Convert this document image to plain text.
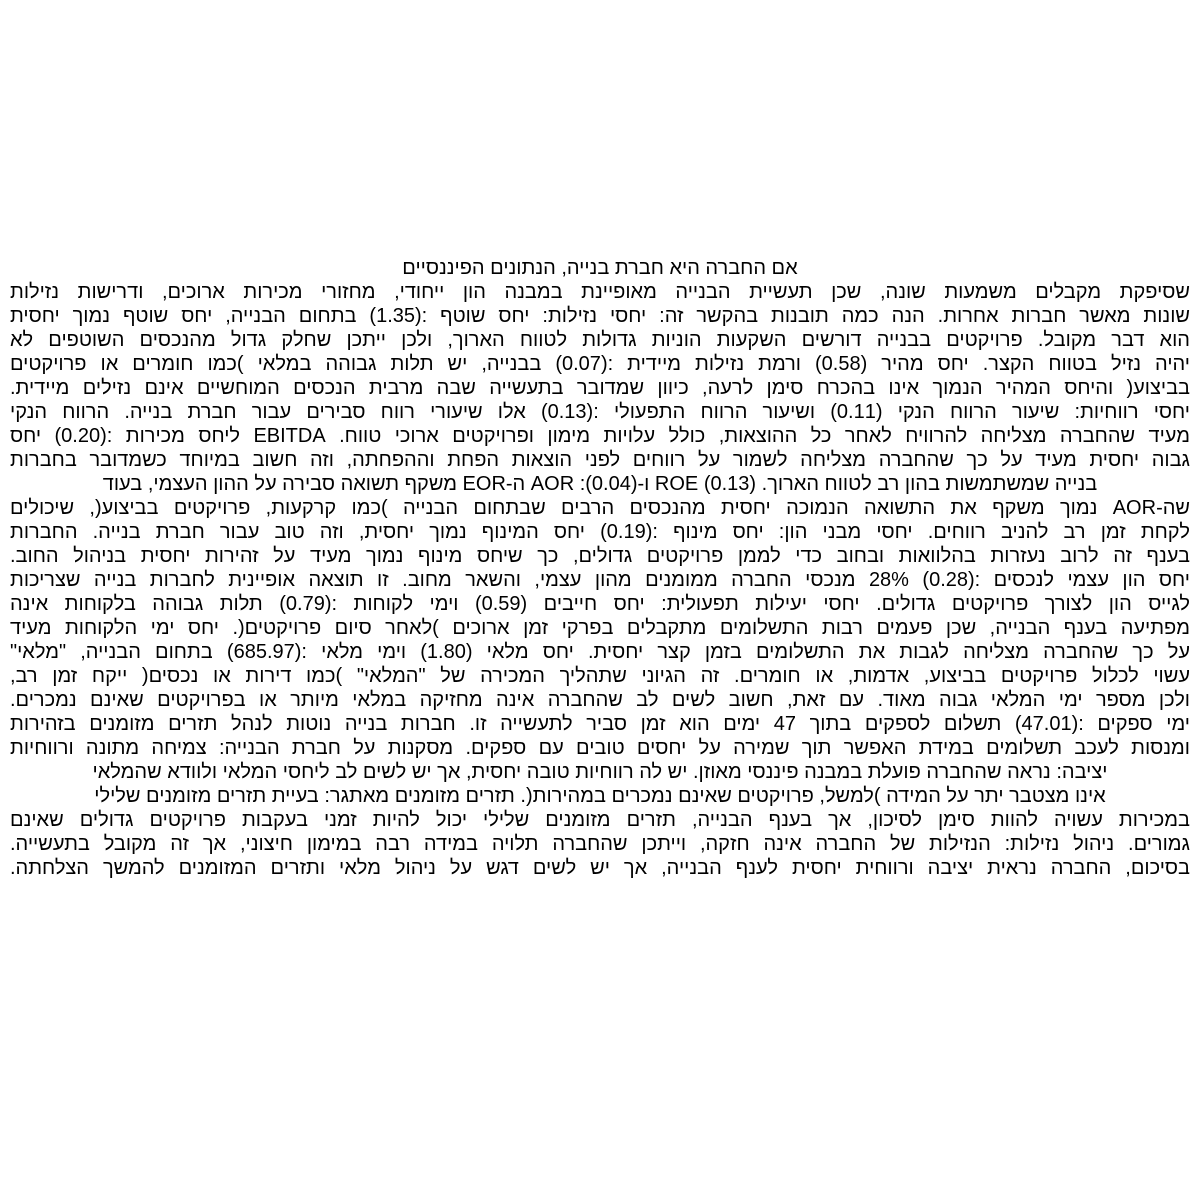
אם החברה היא חברת בנייה, הנתונים הפיננסיים
שסיפקת מקבלים משמעות שונה, שכן תעשיית הבנייה מאופיינת במבנה הון ייחודי, מחזורי מכירות ארוכים, ודרישות נזילות
שונות מאשר חברות אחרות. הנה כמה תובנות בהקשר זה: יחסי נזילות: יחס שוטף :(1.35) בתחום הבנייה, יחס שוטף נמוך יחסית
הוא דבר מקובל. פרויקטים בבנייה דורשים השקעות הוניות גדולות לטווח הארוך, ולכן ייתכן שחלק גדול מהנכסים השוטפים לא
יהיה נזיל בטווח הקצר. יחס מהיר (0.58) ורמת נזילות מיידית :(0.07) בבנייה, יש תלות גבוהה במלאי )כמו חומרים או פרויקטים
בביצוע( והיחס המהיר הנמוך אינו בהכרח סימן לרעה, כיוון שמדובר בתעשייה שבה מרבית הנכסים המוחשיים אינם נזילים מיידית.
יחסי רווחיות: שיעור הרווח הנקי (0.11) ושיעור הרווח התפעולי :(0.13) אלו שיעורי רווח סבירים עבור חברת בנייה. הרווח הנקי
מעיד שהחברה מצליחה להרוויח לאחר כל ההוצאות, כולל עלויות מימון ופרויקטים ארוכי טווח. EBITDA ליחס מכירות :(0.20) יחס
גבוה יחסית מעיד על כך שהחברה מצליחה לשמור על רווחים לפני הוצאות הפחת וההפחתה, וזה חשוב במיוחד כשמדובר בחברות
בנייה שמשתמשות בהון רב לטווח הארוך. ROE (0.13) ו-AOR :(0.04) ה-EOR משקף תשואה סבירה על ההון העצמי, בעוד
שה-AOR נמוך משקף את התשואה הנמוכה יחסית מהנכסים הרבים שבתחום הבנייה )כמו קרקעות, פרויקטים בביצוע(, שיכולים
לקחת זמן רב להניב רווחים. יחסי מבני הון: יחס מינוף :(0.19) יחס המינוף נמוך יחסית, וזה טוב עבור חברת בנייה. החברות
בענף זה לרוב נעזרות בהלוואות ובחוב כדי לממן פרויקטים גדולים, כך שיחס מינוף נמוך מעיד על זהירות יחסית בניהול החוב.
יחס הון עצמי לנכסים :(0.28) 28% מנכסי החברה ממומנים מהון עצמי, והשאר מחוב. זו תוצאה אופיינית לחברות בנייה שצריכות
לגייס הון לצורך פרויקטים גדולים. יחסי יעילות תפעולית: יחס חייבים (0.59) וימי לקוחות :(0.79) תלות גבוהה בלקוחות אינה
מפתיעה בענף הבנייה, שכן פעמים רבות התשלומים מתקבלים בפרקי זמן ארוכים )לאחר סיום פרויקטים(. יחס ימי הלקוחות מעיד
על כך שהחברה מצליחה לגבות את התשלומים בזמן קצר יחסית. יחס מלאי (1.80) וימי מלאי :(685.97) בתחום הבנייה, "מלאי"
עשוי לכלול פרויקטים בביצוע, אדמות, או חומרים. זה הגיוני שתהליך המכירה של "המלאי" )כמו דירות או נכסים( ייקח זמן רב,
ולכן מספר ימי המלאי גבוה מאוד. עם זאת, חשוב לשים לב שהחברה אינה מחזיקה במלאי מיותר או בפרויקטים שאינם נמכרים.
ימי ספקים :(47.01) תשלום לספקים בתוך 47 ימים הוא זמן סביר לתעשייה זו. חברות בנייה נוטות לנהל תזרים מזומנים בזהירות
ומנסות לעכב תשלומים במידת האפשר תוך שמירה על יחסים טובים עם ספקים. מסקנות על חברת הבנייה: צמיחה מתונה ורווחיות
יציבה: נראה שהחברה פועלת במבנה פיננסי מאוזן. יש לה רווחיות טובה יחסית, אך יש לשים לב ליחסי המלאי ולוודא שהמלאי
אינו מצטבר יתר על המידה )למשל, פרויקטים שאינם נמכרים במהירות(. תזרים מזומנים מאתגר: בעיית תזרים מזומנים שלילי
במכירות עשויה להוות סימן לסיכון, אך בענף הבנייה, תזרים מזומנים שלילי יכול להיות זמני בעקבות פרויקטים גדולים שאינם
גמורים. ניהול נזילות: הנזילות של החברה אינה חזקה, וייתכן שהחברה תלויה במידה רבה במימון חיצוני, אך זה מקובל בתעשייה.
בסיכום, החברה נראית יציבה ורווחית יחסית לענף הבנייה, אך יש לשים דגש על ניהול מלאי ותזרים המזומנים להמשך הצלחתה.
